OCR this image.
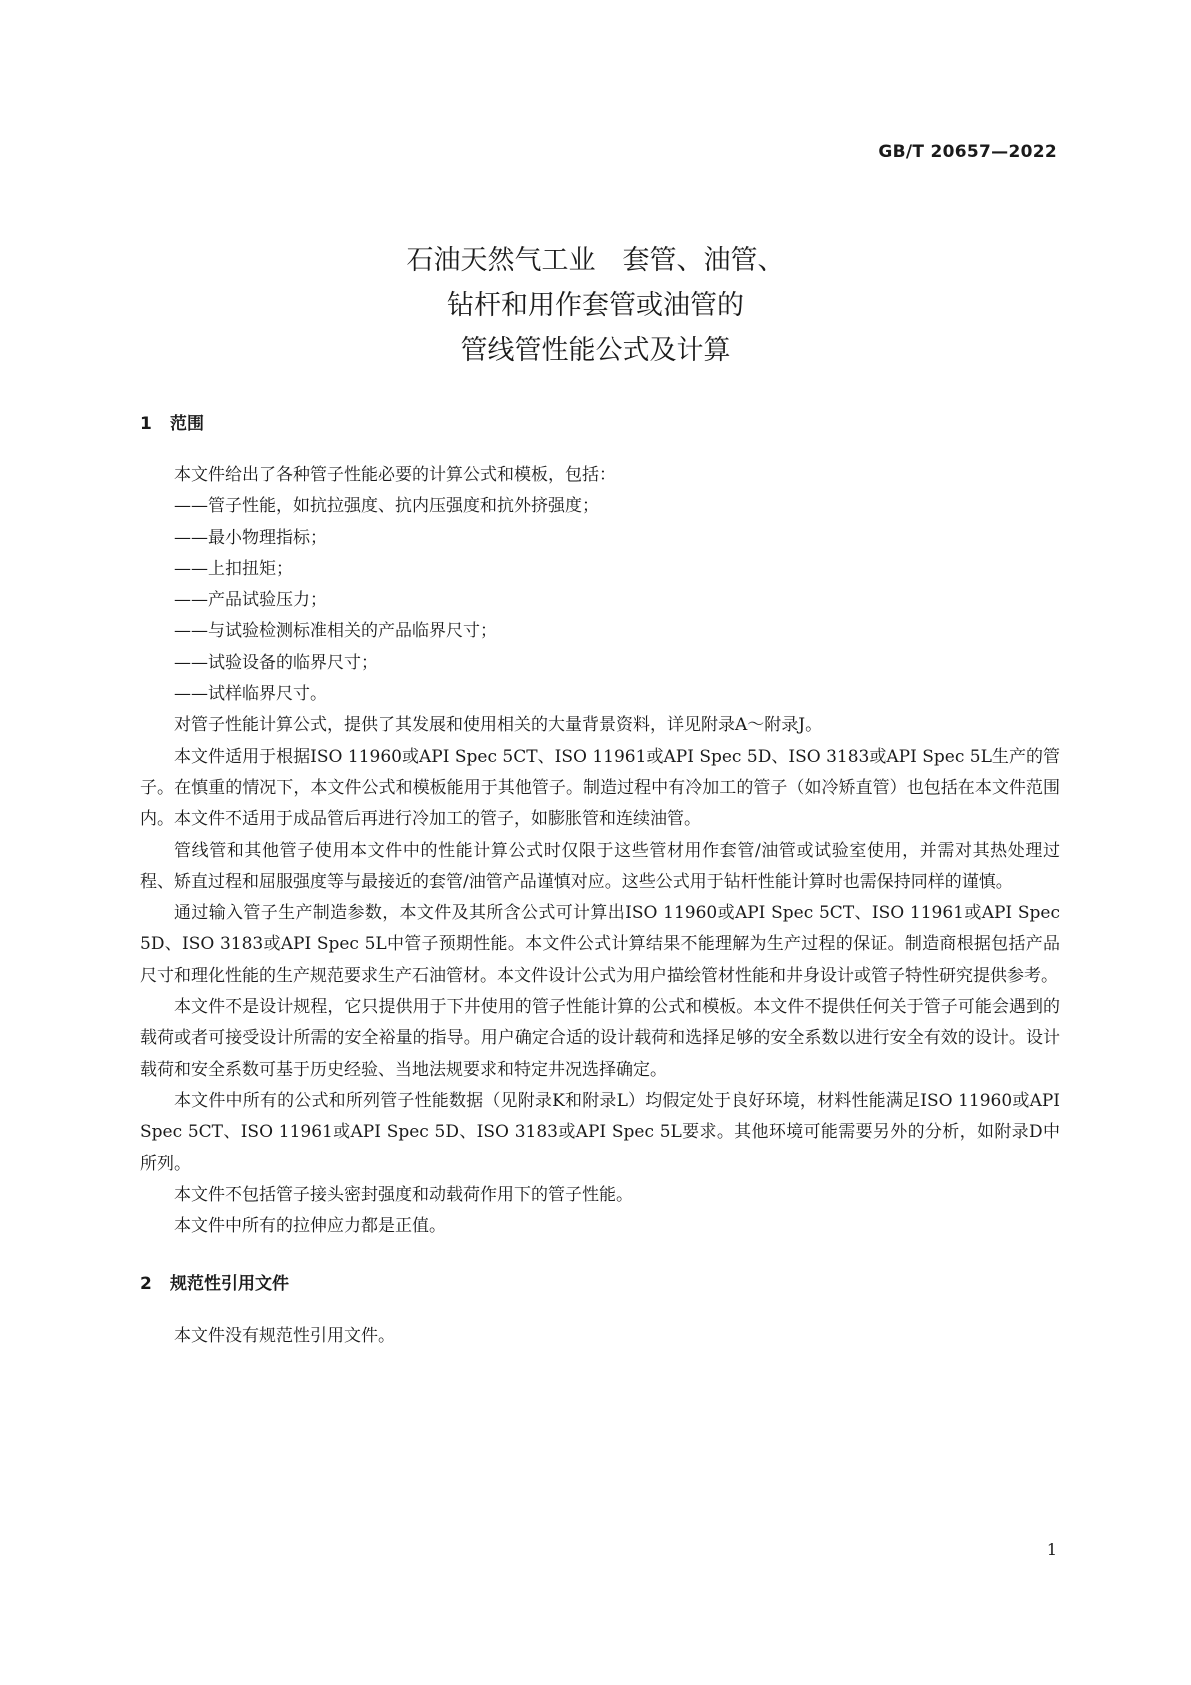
GB/T 20657—2022
石油天然气工业　套管、油管、
钻杆和用作套管或油管的
管线管性能公式及计算
1 范围

本文件给出了各种管子性能必要的计算公式和模板，包括：

——管子性能，如抗拉强度、抗内压强度和抗外挤强度；

——最小物理指标；

——上扣扭矩；

——产品试验压力；

——与试验检测标准相关的产品临界尺寸；

——试验设备的临界尺寸；

——试样临界尺寸。

对管子性能计算公式，提供了其发展和使用相关的大量背景资料，详见附录A～附录J。

本文件适用于根据ISO 11960或API Spec 5CT、ISO 11961或API Spec 5D、ISO 3183或API Spec 5L生产的管子。在慎重的情况下，本文件公式和模板能用于其他管子。制造过程中有冷加工的管子（如冷矫直管）也包括在本文件范围内。本文件不适用于成品管后再进行冷加工的管子，如膨胀管和连续油管。

管线管和其他管子使用本文件中的性能计算公式时仅限于这些管材用作套管/油管或试验室使用，并需对其热处理过程、矫直过程和屈服强度等与最接近的套管/油管产品谨慎对应。这些公式用于钻杆性能计算时也需保持同样的谨慎。

通过输入管子生产制造参数，本文件及其所含公式可计算出ISO 11960或API Spec 5CT、ISO 11961或API Spec 5D、ISO 3183或API Spec 5L中管子预期性能。本文件公式计算结果不能理解为生产过程的保证。制造商根据包括产品尺寸和理化性能的生产规范要求生产石油管材。本文件设计公式为用户描绘管材性能和井身设计或管子特性研究提供参考。

本文件不是设计规程，它只提供用于下井使用的管子性能计算的公式和模板。本文件不提供任何关于管子可能会遇到的载荷或者可接受设计所需的安全裕量的指导。用户确定合适的设计载荷和选择足够的安全系数以进行安全有效的设计。设计载荷和安全系数可基于历史经验、当地法规要求和特定井况选择确定。

本文件中所有的公式和所列管子性能数据（见附录K和附录L）均假定处于良好环境，材料性能满足ISO 11960或API Spec 5CT、ISO 11961或API Spec 5D、ISO 3183或API Spec 5L要求。其他环境可能需要另外的分析，如附录D中所列。

本文件不包括管子接头密封强度和动载荷作用下的管子性能。

本文件中所有的拉伸应力都是正值。

2 规范性引用文件

本文件没有规范性引用文件。

1
